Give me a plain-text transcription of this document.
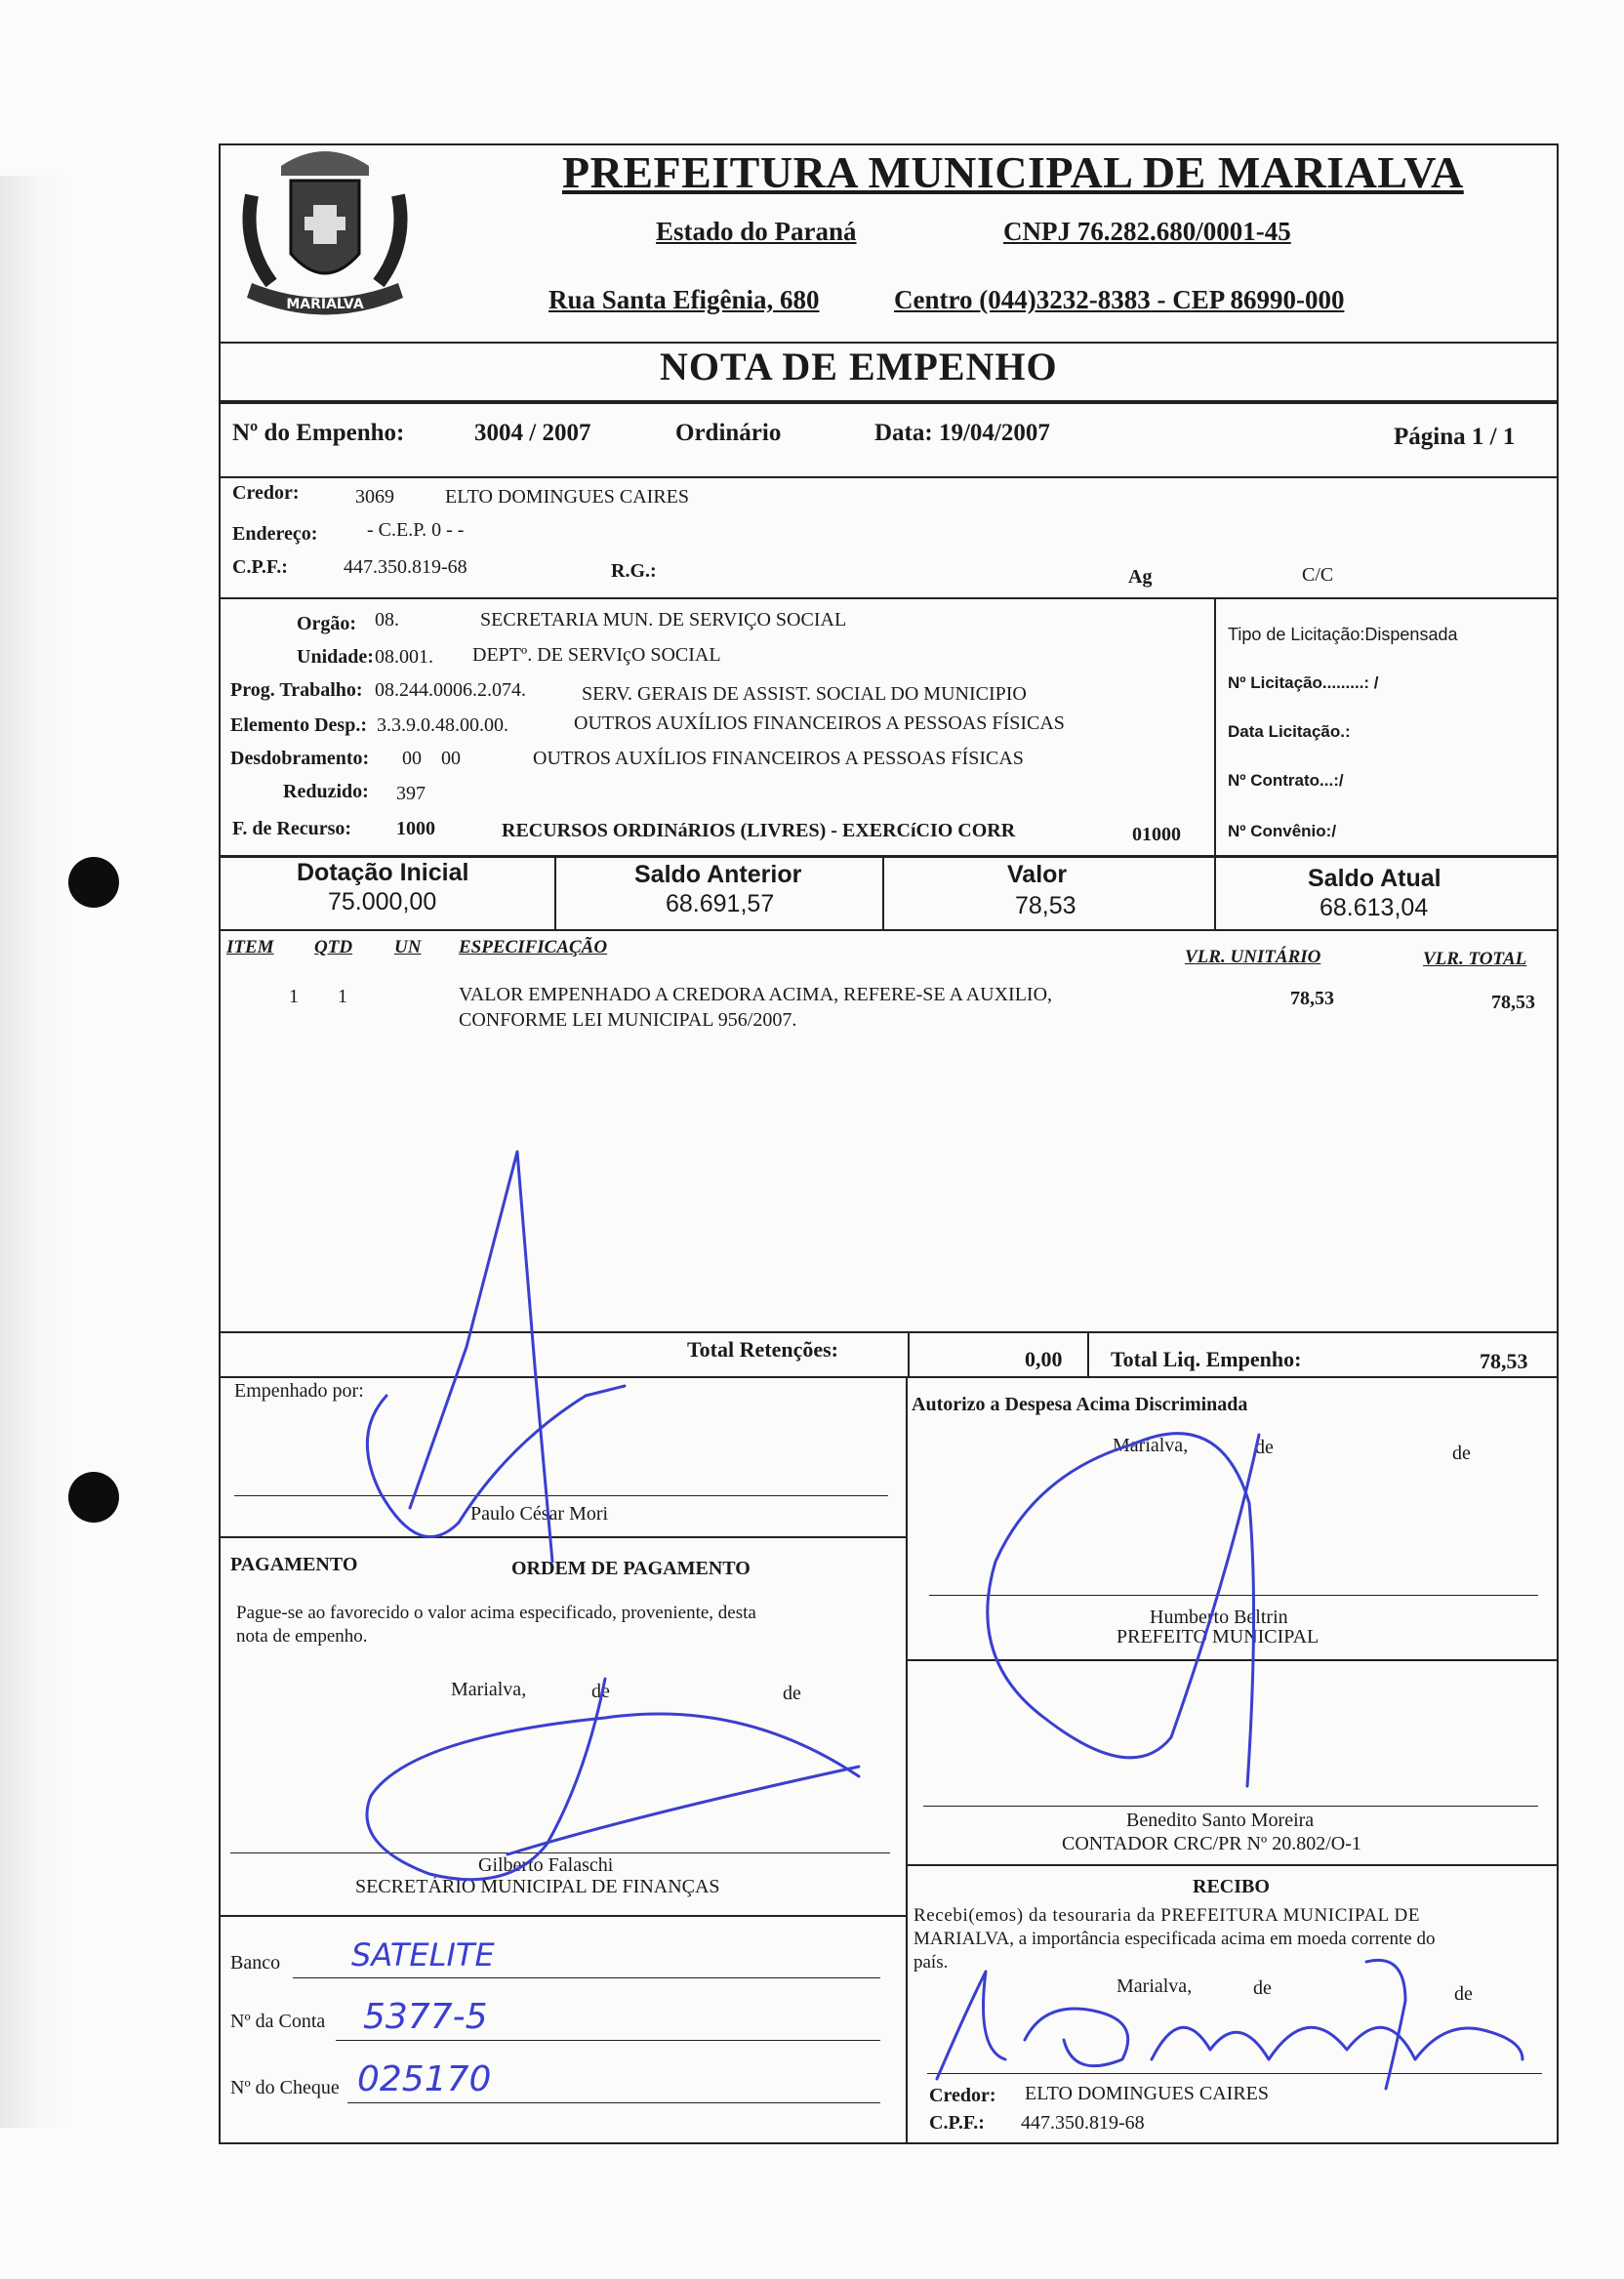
MARIALVA
PREFEITURA MUNICIPAL DE MARIALVA
Estado do Paraná	CNPJ 76.282.680/0001-45
Rua Santa Efigênia, 680	Centro (044)3232-8383 - CEP 86990-000
NOTA DE EMPENHO
Nº do Empenho:	3004 / 2007	Ordinário	Data: 19/04/2007	Página 1 / 1
Credor:	3069	ELTO DOMINGUES CAIRES
Endereço:	- C.E.P. 0 - -
C.P.F.:	447.350.819-68	R.G.:	Ag	C/C
Orgão: 08.	SECRETARIA MUN. DE SERVIÇO SOCIAL
Unidade: 08.001. DEPTº. DE SERVIçO SOCIAL
Prog. Trabalho: 08.244.0006.2.074.	SERV. GERAIS DE ASSIST. SOCIAL DO MUNICIPIO
Elemento Desp.: 3.3.9.0.48.00.00.	OUTROS AUXÍLIOS FINANCEIROS A PESSOAS FÍSICAS
Desdobramento: 00    00	OUTROS AUXÍLIOS FINANCEIROS A PESSOAS FÍSICAS
Reduzido: 397
F. de Recurso: 1000	RECURSOS ORDINáRIOS (LIVRES) - EXERCíCIO CORR	01000
Tipo de Licitação:Dispensada
Nº Licitação.........: /
Data Licitação.:
Nº Contrato...:/
Nº Convênio:/
Dotação Inicial
75.000,00
Saldo Anterior
68.691,57
Valor
78,53
Saldo Atual
68.613,04
ITEM QTD UN ESPECIFICAÇÃO	VLR. UNITÁRIO	VLR. TOTAL
1 1	VALOR EMPENHADO A CREDORA ACIMA, REFERE-SE A AUXILIO,
CONFORME LEI MUNICIPAL 956/2007.
78,53	78,53
Total Retenções:	0,00 Total Liq. Empenho:	78,53
Empenhado por:
Paulo César Mori
PAGAMENTO	ORDEM DE PAGAMENTO
Pague-se ao favorecido o valor acima especificado, proveniente, desta
nota de empenho.
Marialva,	de	de
Gilberto Falaschi
SECRETÁRIO MUNICIPAL DE FINANÇAS
Banco SATELITE
Nº da Conta 5377-5
Nº do Cheque 025170
Autorizo a Despesa Acima Discriminada
Marialva,	de	de
Humberto Beltrin
PREFEITO MUNICIPAL
Benedito Santo Moreira
CONTADOR CRC/PR Nº 20.802/O-1
RECIBO
Recebi(emos) da tesouraria da PREFEITURA MUNICIPAL DE
MARIALVA, a importância especificada acima em moeda corrente do
país.
Marialva,	de	de
Credor: ELTO DOMINGUES CAIRES
C.P.F.: 447.350.819-68
